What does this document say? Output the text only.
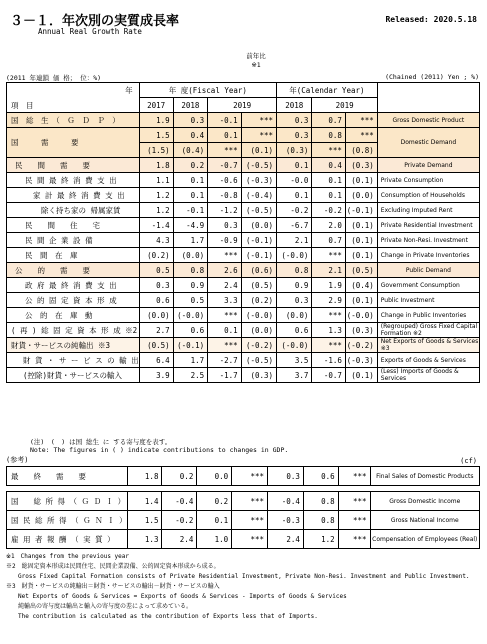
３－１．年次別の実質成長率
Annual Real Growth Rate
Released: 2020.5.18
前年比
※1
(2011 年連鎖 価 格； 位：%)	(Chained (2011) Yen ; %)
年
項　目	年 度(Fiscal Year)				年(Calendar Year)			
	2017	2018	2019		2018	2019		
国　総　生　（　Ｇ　Ｄ　Ｐ　）	1.9	0.3	-0.1	***	0.3	0.7	***	Gross Domestic Product
国　　　需　　　要	1.5	0.4	0.1	***	0.3	0.8	***	Domestic Demand
	(1.5)	(0.4)	***	(0.1)	(0.3)	***	(0.8)	
民　　間　　需　　要	1.8	0.2	-0.7	(-0.5)	0.1	0.4	(0.3)	Private Demand
民 間 最 終 消 費 支 出	1.1	0.1	-0.6	(-0.3)	-0.0	0.1	(0.1)	Private Consumption
家 計 最 終 消 費 支 出	1.2	0.1	-0.8	(-0.4)	0.1	0.1	(0.0)	Consumption of Households
除く持ち家の 帰属家賃	1.2	-0.1	-1.2	(-0.5)	-0.2	-0.2	(-0.1)	Excluding Imputed Rent
民　　間　　住　　宅	-1.4	-4.9	0.3	(0.0)	-6.7	2.0	(0.1)	Private Residential Investment
民 間 企 業 設 備	4.3	1.7	-0.9	(-0.1)	2.1	0.7	(0.1)	Private Non-Resi. Investment
民　間　在　庫	(0.2)	(0.0)	***	(-0.1)	(-0.0)	***	(0.1)	Change in Private Inventories
公　　的　　需　　要	0.5	0.8	2.6	(0.6)	0.8	2.1	(0.5)	Public Demand
政 府 最 終 消 費 支 出	0.3	0.9	2.4	(0.5)	0.9	1.9	(0.4)	Government Consumption
公 的 固 定 資 本 形 成	0.6	0.5	3.3	(0.2)	0.3	2.9	(0.1)	Public Investment
公　的　在　庫　動	(0.0)	(-0.0)	***	(-0.0)	(0.0)	***	(-0.0)	Change in Public Inventories
( 再 ) 総 固 定 資 本 形 成 ※2	2.7	0.6	0.1	(0.0)	0.6	1.3	(0.3)	(Regrouped) Gross Fixed Capital Formation ※2
財貨・サービスの純輸出 ※3	(0.5)	(-0.1)	***	(-0.2)	(-0.0)	***	(-0.2)	Net Exports of Goods & Services ※3
財 貨 ・ サ ー ビ ス の 輸 出	6.4	1.7	-2.7	(-0.5)	3.5	-1.6	(-0.3)	Exports of Goods & Services
(控除)財貨・サービスの輸入	3.9	2.5	-1.7	(0.3)	3.7	-0.7	(0.1)	(Less) Imports of Goods & Services
(注)　(　) は国 総生 に する寄与度を表す。
Note: The figures in ( ) indicate contributions to changes in GDP.
(参考)	(cf)
最　　終　　需　　要	1.8	0.2	0.0	***	0.3	0.6	***	Final Sales of Domestic Products

国　　総 所 得 （ Ｇ Ｄ Ｉ ）	1.4	-0.4	0.2	***	-0.4	0.8	***	Gross Domestic Income
国 民 総 所 得 （ Ｇ Ｎ Ｉ ）	1.5	-0.2	0.1	***	-0.3	0.8	***	Gross National Income
雇 用 者 報 酬 （ 実 質 ）	1.3	2.4	1.0	***	2.4	1.2	***	Compensation of Employees (Real)
※1　Changes from the previous year
※2　総固定資本形成は民間住宅、民間企業設備、公的固定資本形成から成る。
　　Gross Fixed Capital Formation consists of Private Residential Investment, Private Non-Resi. Investment and Public Investment.
※3　財貨・サービスの純輸出＝財貨・サービスの輸出－財貨・サービスの輸入
　　Net Exports of Goods & Services = Exports of Goods & Services - Imports of Goods & Services
　　純輸出の寄与度は輸出と輸入の寄与度の差によって求めている。
　　The contribution is calculated as the contribution of Exports less that of Imports.
